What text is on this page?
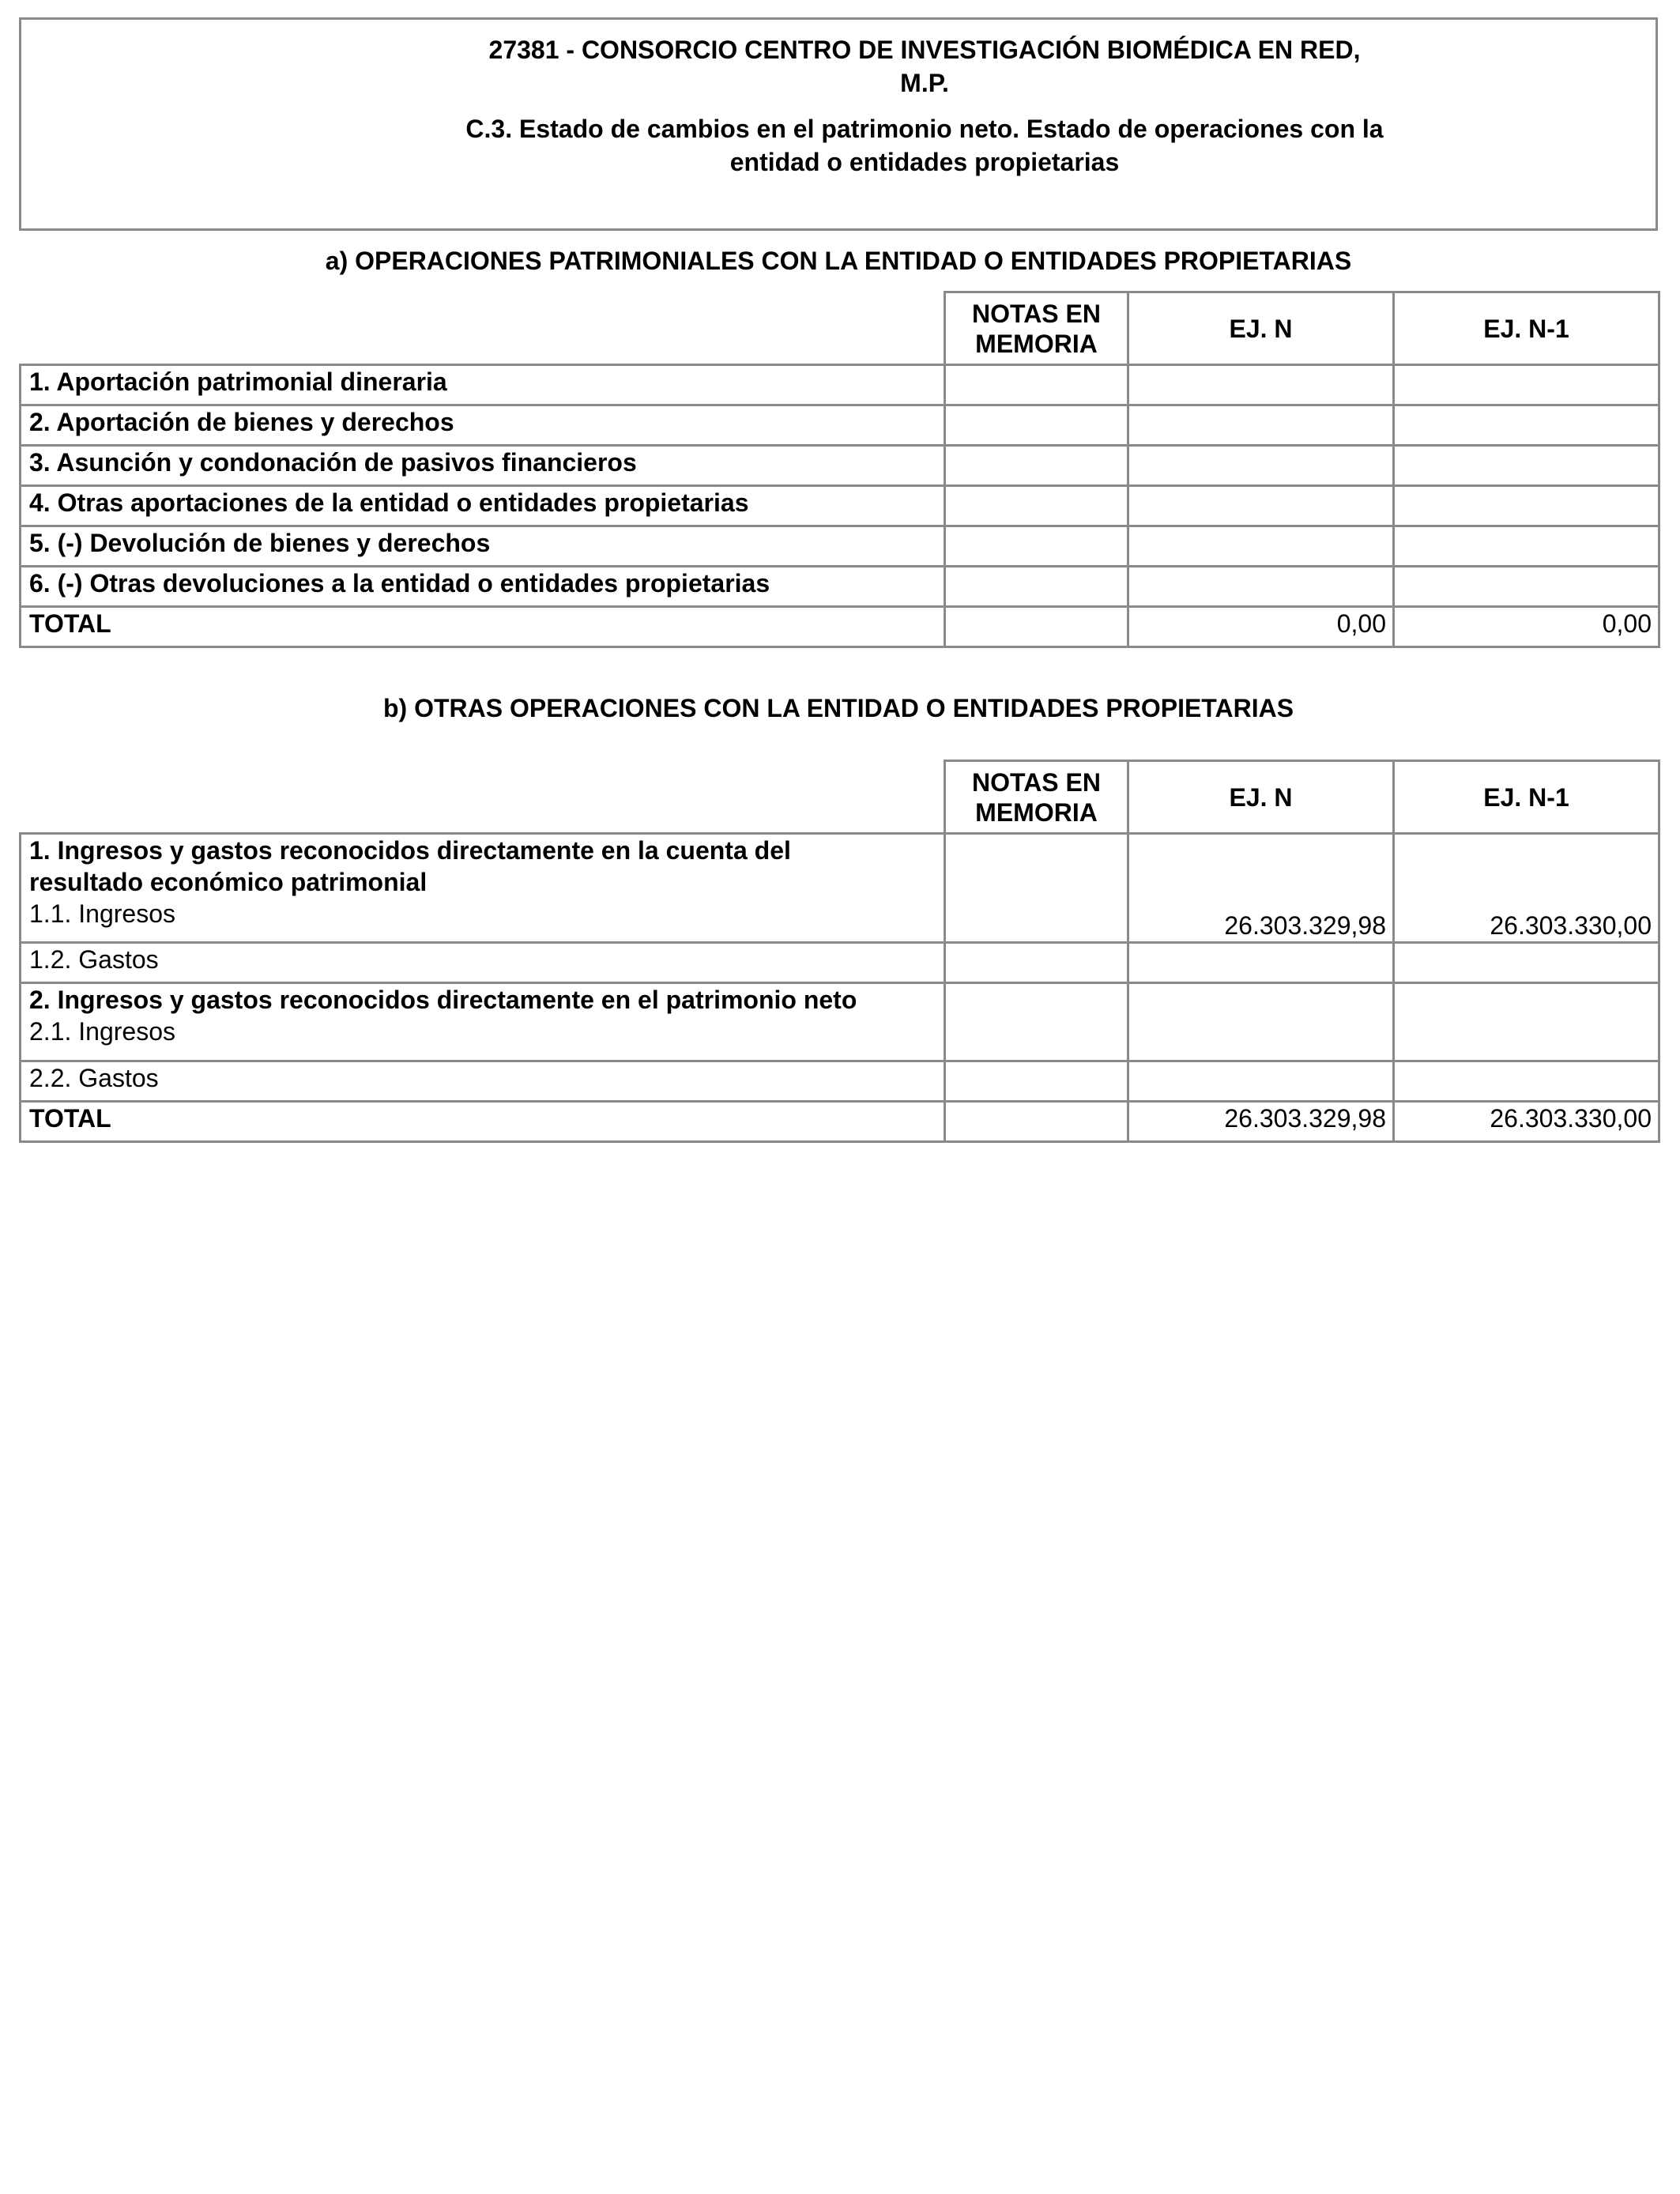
27381 - CONSORCIO CENTRO DE INVESTIGACIÓN BIOMÉDICA EN RED,
M.P.
C.3. Estado de cambios en el patrimonio neto. Estado de operaciones con la
entidad o entidades propietarias
a) OPERACIONES PATRIMONIALES CON LA ENTIDAD O ENTIDADES PROPIETARIAS

	NOTAS EN
MEMORIA	EJ. N	EJ. N-1
1. Aportación patrimonial dineraria			
2. Aportación de bienes y derechos			
3. Asunción y condonación de pasivos financieros			
4. Otras aportaciones de la entidad o entidades propietarias			
5. (-) Devolución de bienes y derechos			
6. (-) Otras devoluciones a la entidad o entidades propietarias			
TOTAL		0,00	0,00
b) OTRAS OPERACIONES CON LA ENTIDAD O ENTIDADES PROPIETARIAS

	NOTAS EN
MEMORIA	EJ. N	EJ. N-1

1. Ingresos y gastos reconocidos directamente en la cuenta del
resultado económico patrimonial
1.1. Ingresos		26.303.329,98	26.303.330,00
1.2. Gastos			

2. Ingresos y gastos reconocidos directamente en el patrimonio neto
2.1. Ingresos			

2.2. Gastos			
TOTAL		26.303.329,98	26.303.330,00
